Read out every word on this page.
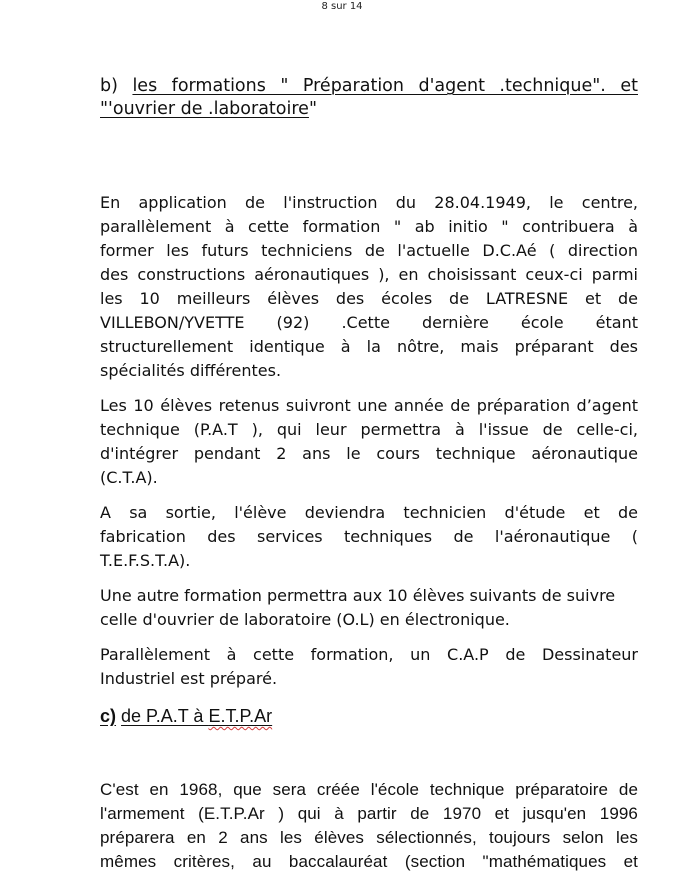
8 sur 14
b) les formations " Préparation d'agent .technique". et
"'ouvrier de .laboratoire"

En application de l'instruction du 28.04.1949, le centre,
parallèlement à cette formation " ab initio " contribuera à
former les futurs techniciens de l'actuelle D.C.Aé ( direction
des constructions aéronautiques ), en choisissant ceux-ci parmi
les 10 meilleurs élèves des écoles de LATRESNE et de
VILLEBON/YVETTE (92) .Cette dernière école étant
structurellement identique à la nôtre, mais préparant des
spécialités différentes.

Les 10 élèves retenus suivront une année de préparation d’agent
technique (P.A.T ), qui leur permettra à l'issue de celle-ci,
d'intégrer pendant 2 ans le cours technique aéronautique
(C.T.A).

A sa sortie, l'élève deviendra technicien d'étude et de
fabrication des services techniques de l'aéronautique (
T.E.F.S.T.A).

Une autre formation permettra aux 10 élèves suivants de suivre
celle d'ouvrier de laboratoire (O.L) en électronique.

Parallèlement à cette formation, un C.A.P de Dessinateur
Industriel est préparé.

c) de P.A.T à E.T.P.Ar

C'est en 1968, que sera créée l'école technique préparatoire de
l'armement (E.T.P.Ar ) qui à partir de 1970 et jusqu'en 1996
préparera en 2 ans les élèves sélectionnés, toujours selon les
mêmes critères, au baccalauréat (section "mathématiques et
